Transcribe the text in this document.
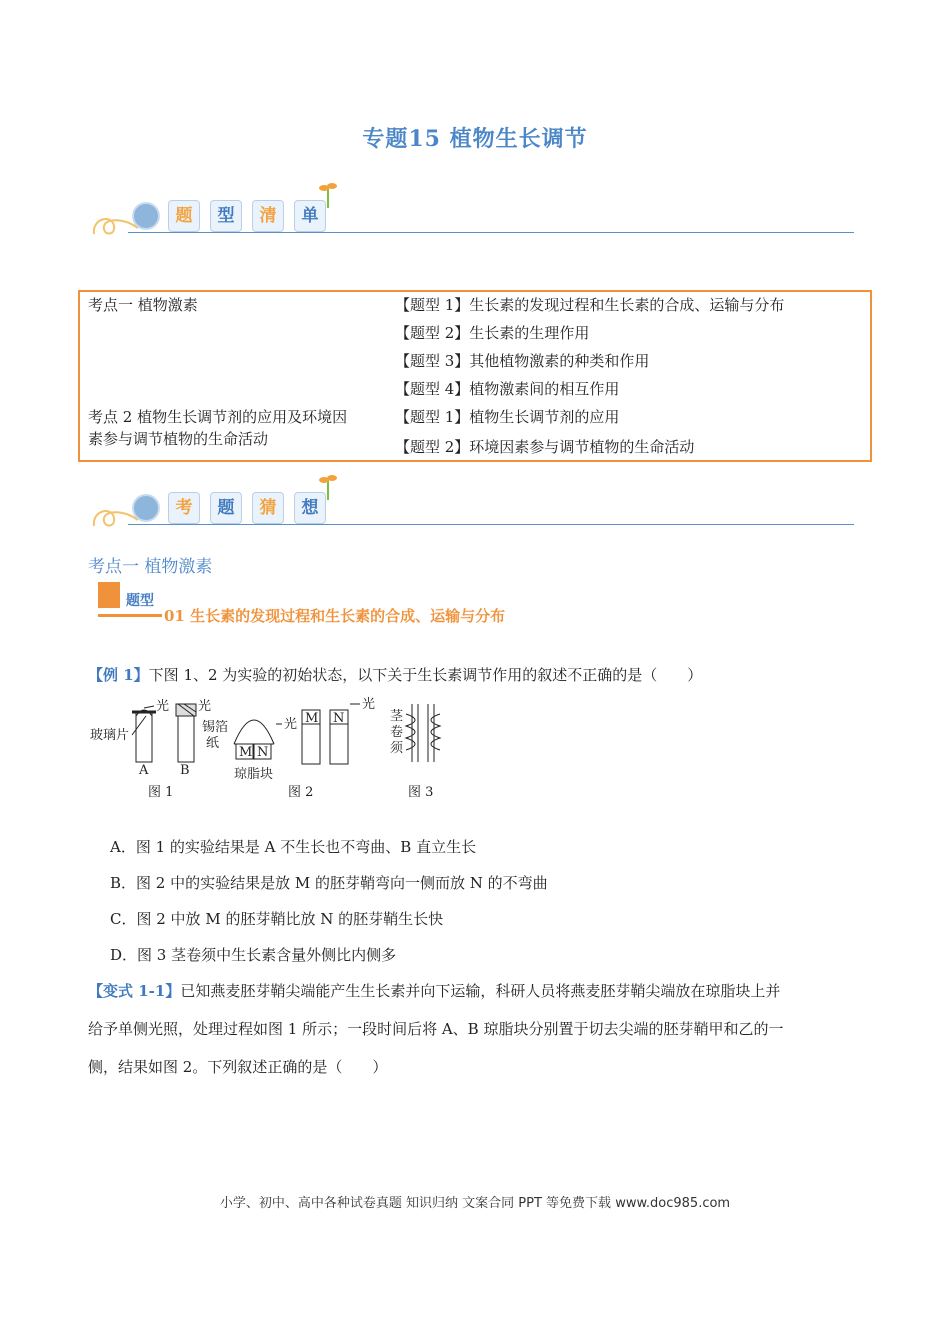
专题15 植物生长调节
题	型	清	单
考点一 植物激素	【题型 1】生长素的发现过程和生长素的合成、运输与分布
【题型 2】生长素的生理作用
【题型 3】其他植物激素的种类和作用
【题型 4】植物激素间的相互作用
考点 2 植物生长调节剂的应用及环境因	【题型 1】植物生长调节剂的应用
素参与调节植物的生命活动	【题型 2】环境因素参与调节植物的生命活动
考	题	猜	想
考点一 植物激素
题型
01 生长素的发现过程和生长素的合成、运输与分布
【例 1】下图 1、2 为实验的初始状态，以下关于生长素调节作用的叙述不正确的是（　　）
玻璃片
光
A
光
锡箔
纸
B
图 1
M N
琼脂块
光 M N
光
图 2
茎
卷
须
图 3
A．图 1 的实验结果是 A 不生长也不弯曲、B 直立生长
B．图 2 中的实验结果是放 M 的胚芽鞘弯向一侧而放 N 的不弯曲
C．图 2 中放 M 的胚芽鞘比放 N 的胚芽鞘生长快
D．图 3 茎卷须中生长素含量外侧比内侧多
【变式 1-1】已知燕麦胚芽鞘尖端能产生生长素并向下运输，科研人员将燕麦胚芽鞘尖端放在琼脂块上并
给予单侧光照，处理过程如图 1 所示；一段时间后将 A、B 琼脂块分别置于切去尖端的胚芽鞘甲和乙的一
侧，结果如图 2。下列叙述正确的是（　　）
小学、初中、高中各种试卷真题 知识归纳 文案合同 PPT 等免费下载 www.doc985.com
